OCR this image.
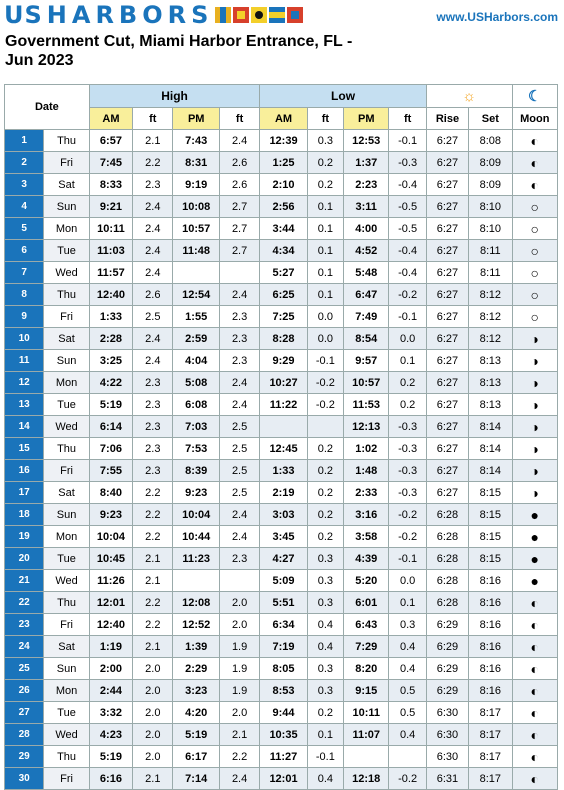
US HARBORS	www.USHarbors.com
Government Cut, Miami Harbor Entrance, FL -
Jun 2023
Date		High				Low				☼		☾
		AM	ft	PM	ft	AM	ft	PM	ft	Rise	Set	Moon
1	Thu	6:57	2.1	7:43	2.4	12:39	0.3	12:53	-0.1	6:27	8:08	◐
2	Fri	7:45	2.2	8:31	2.6	1:25	0.2	1:37	-0.3	6:27	8:09	◐
3	Sat	8:33	2.3	9:19	2.6	2:10	0.2	2:23	-0.4	6:27	8:09	◐
4	Sun	9:21	2.4	10:08	2.7	2:56	0.1	3:11	-0.5	6:27	8:10	○
5	Mon	10:11	2.4	10:57	2.7	3:44	0.1	4:00	-0.5	6:27	8:10	○
6	Tue	11:03	2.4	11:48	2.7	4:34	0.1	4:52	-0.4	6:27	8:11	○
7	Wed	11:57	2.4			5:27	0.1	5:48	-0.4	6:27	8:11	○
8	Thu	12:40	2.6	12:54	2.4	6:25	0.1	6:47	-0.2	6:27	8:12	○
9	Fri	1:33	2.5	1:55	2.3	7:25	0.0	7:49	-0.1	6:27	8:12	○
10	Sat	2:28	2.4	2:59	2.3	8:28	0.0	8:54	0.0	6:27	8:12	◑
11	Sun	3:25	2.4	4:04	2.3	9:29	-0.1	9:57	0.1	6:27	8:13	◑
12	Mon	4:22	2.3	5:08	2.4	10:27	-0.2	10:57	0.2	6:27	8:13	◑
13	Tue	5:19	2.3	6:08	2.4	11:22	-0.2	11:53	0.2	6:27	8:13	◑
14	Wed	6:14	2.3	7:03	2.5			12:13	-0.3	6:27	8:14	◑
15	Thu	7:06	2.3	7:53	2.5	12:45	0.2	1:02	-0.3	6:27	8:14	◑
16	Fri	7:55	2.3	8:39	2.5	1:33	0.2	1:48	-0.3	6:27	8:14	◑
17	Sat	8:40	2.2	9:23	2.5	2:19	0.2	2:33	-0.3	6:27	8:15	◑
18	Sun	9:23	2.2	10:04	2.4	3:03	0.2	3:16	-0.2	6:28	8:15	●
19	Mon	10:04	2.2	10:44	2.4	3:45	0.2	3:58	-0.2	6:28	8:15	●
20	Tue	10:45	2.1	11:23	2.3	4:27	0.3	4:39	-0.1	6:28	8:15	●
21	Wed	11:26	2.1			5:09	0.3	5:20	0.0	6:28	8:16	●
22	Thu	12:01	2.2	12:08	2.0	5:51	0.3	6:01	0.1	6:28	8:16	◐
23	Fri	12:40	2.2	12:52	2.0	6:34	0.4	6:43	0.3	6:29	8:16	◐
24	Sat	1:19	2.1	1:39	1.9	7:19	0.4	7:29	0.4	6:29	8:16	◐
25	Sun	2:00	2.0	2:29	1.9	8:05	0.3	8:20	0.4	6:29	8:16	◐
26	Mon	2:44	2.0	3:23	1.9	8:53	0.3	9:15	0.5	6:29	8:16	◐
27	Tue	3:32	2.0	4:20	2.0	9:44	0.2	10:11	0.5	6:30	8:17	◐
28	Wed	4:23	2.0	5:19	2.1	10:35	0.1	11:07	0.4	6:30	8:17	◐
29	Thu	5:19	2.0	6:17	2.2	11:27	-0.1			6:30	8:17	◐
30	Fri	6:16	2.1	7:14	2.4	12:01	0.4	12:18	-0.2	6:31	8:17	◐
